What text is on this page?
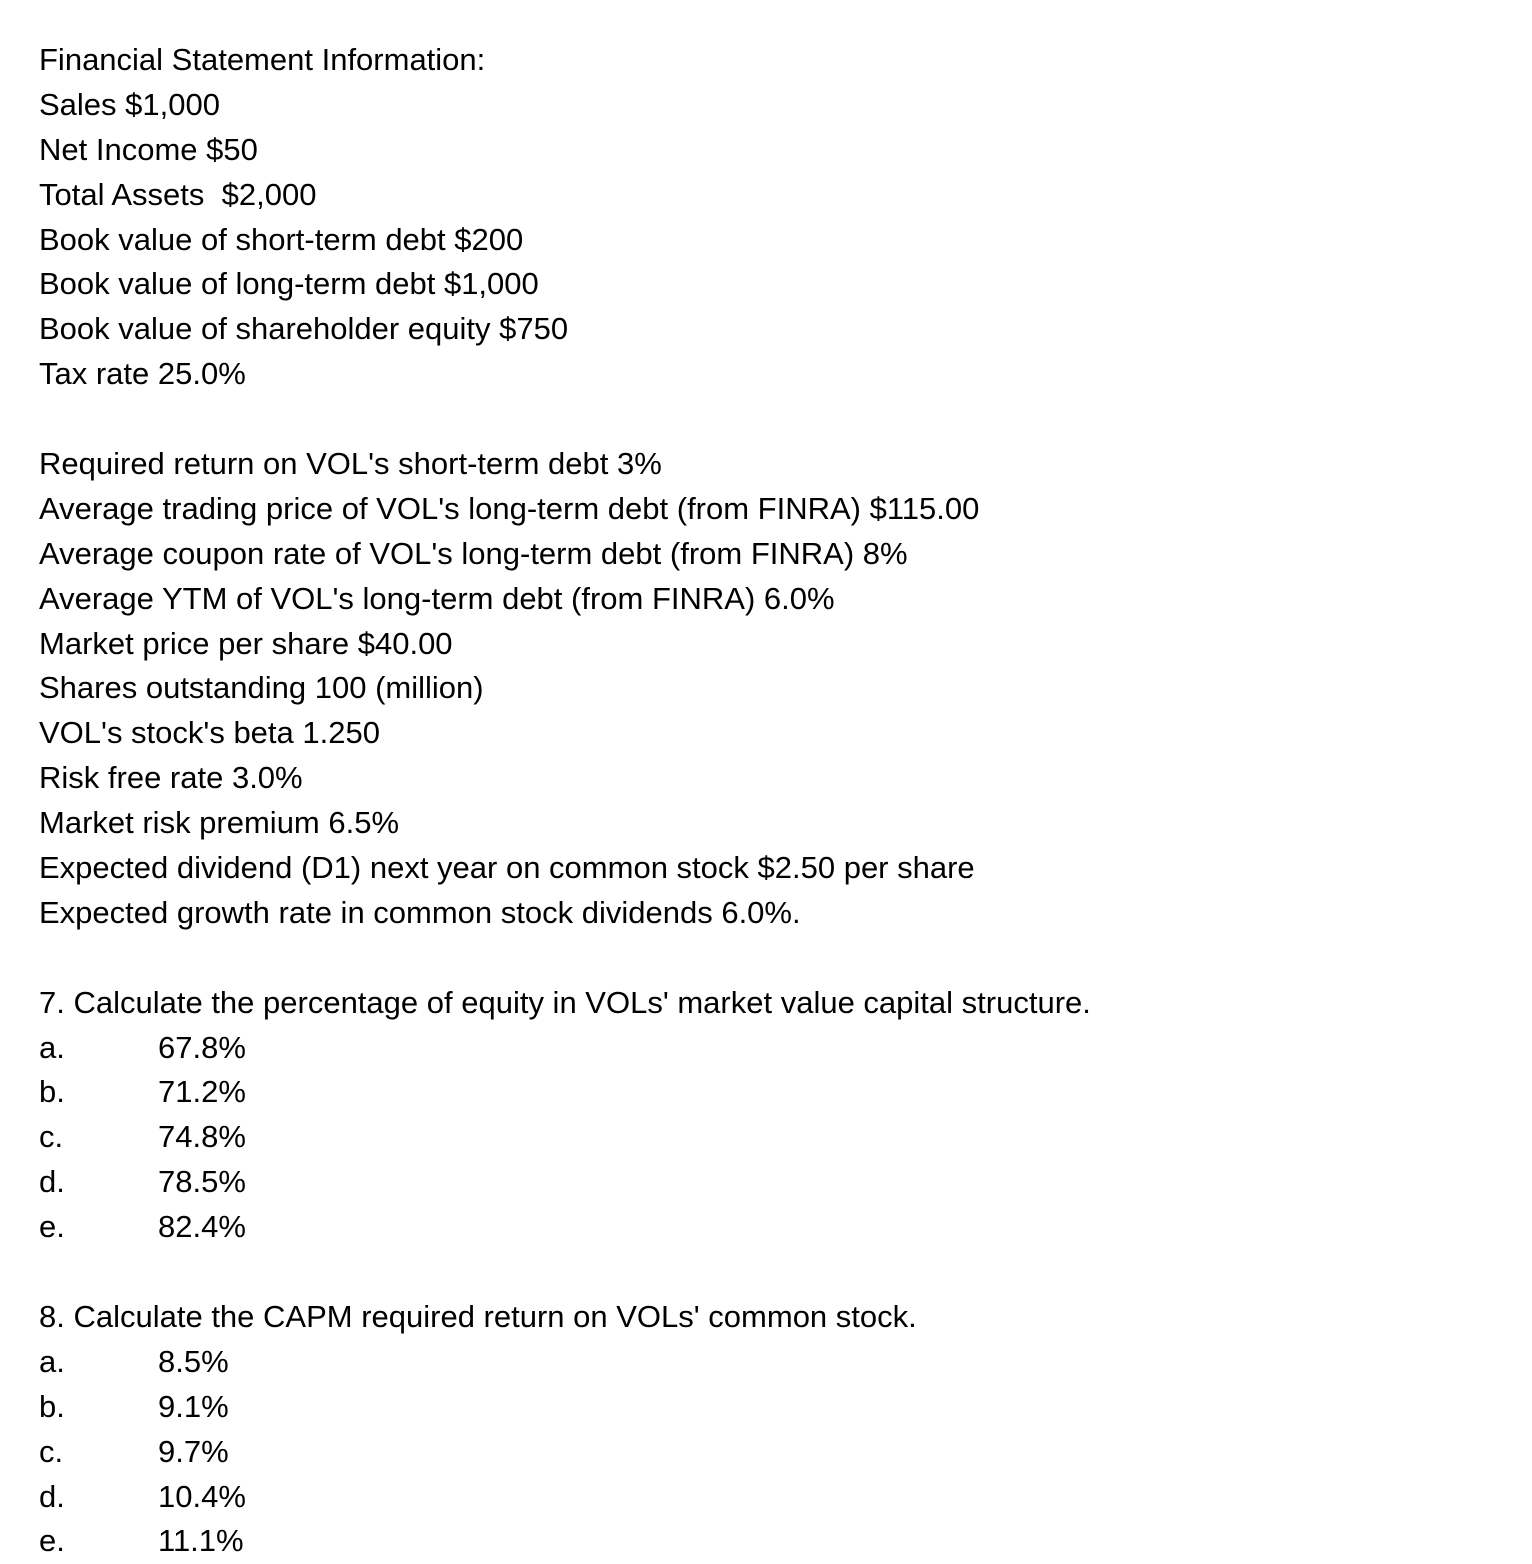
Financial Statement Information:
Sales $1,000
Net Income $50
Total Assets  $2,000
Book value of short-term debt $200
Book value of long-term debt $1,000
Book value of shareholder equity $750
Tax rate 25.0%
Required return on VOL's short-term debt 3%
Average trading price of VOL's long-term debt (from FINRA) $115.00
Average coupon rate of VOL's long-term debt (from FINRA) 8%
Average YTM of VOL's long-term debt (from FINRA) 6.0%
Market price per share $40.00
Shares outstanding 100 (million)
VOL's stock's beta 1.250
Risk free rate 3.0%
Market risk premium 6.5%
Expected dividend (D1) next year on common stock $2.50 per share
Expected growth rate in common stock dividends 6.0%.
7. Calculate the percentage of equity in VOLs' market value capital structure.
a.	67.8%
b.	71.2%
c.	74.8%
d.	78.5%
e.	82.4%
8. Calculate the CAPM required return on VOLs' common stock.
a.	8.5%
b.	9.1%
c.	9.7%
d.	10.4%
e.	11.1%
